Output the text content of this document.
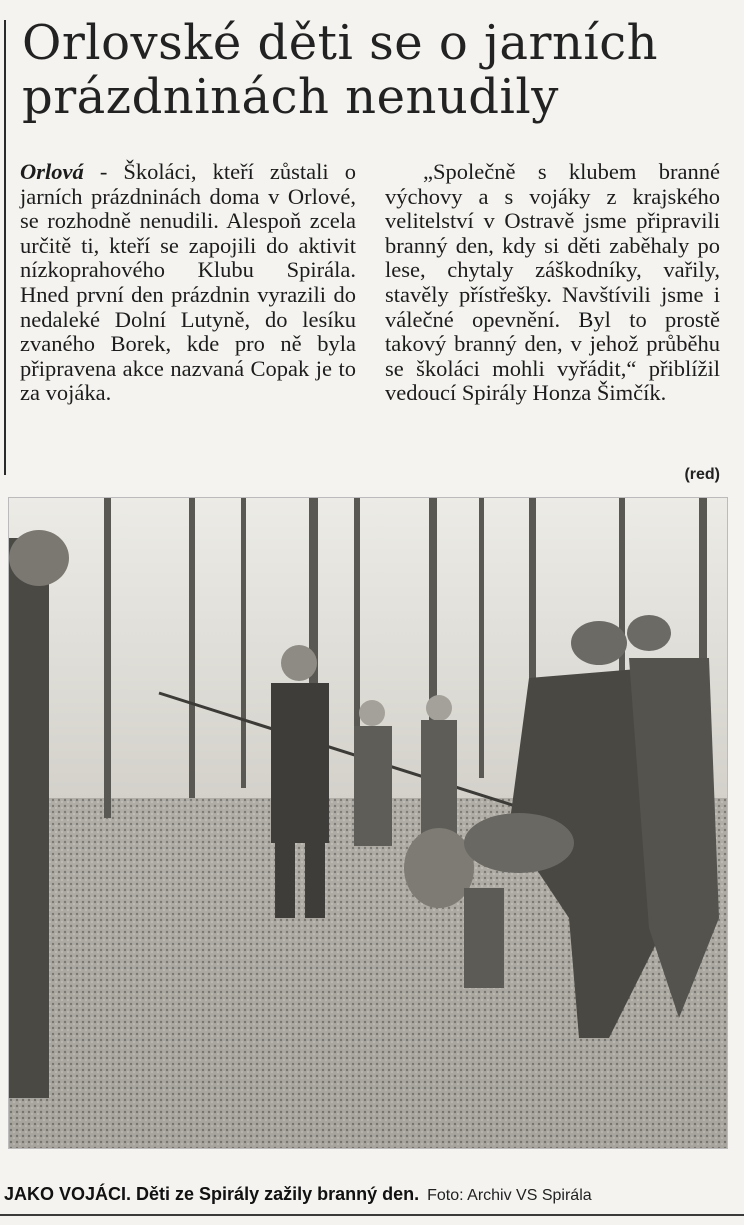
Orlovské děti se o jarních prázdninách nenudily

Orlová - Školáci, kteří zůstali o jarních prázdninách doma v Orlové, se rozhodně nenudili. Alespoň zcela určitě ti, kteří se zapojili do aktivit nízkoprahového Klubu Spirála. Hned první den prázdnin vyrazili do nedaleké Dolní Lutyně, do lesíku zvaného Borek, kde pro ně byla připravena akce nazvaná Copak je to za vojáka.

„Společně s klubem branné výchovy a s vojáky z krajského velitelství v Ostravě jsme připravili branný den, kdy si děti zaběhaly po lese, chytaly záškodníky, vařily, stavěly přístřešky. Navštívili jsme i válečné opevnění. Byl to prostě takový branný den, v jehož průběhu se školáci mohli vyřádit,“ přiblížil vedoucí Spirály Honza Šimčík.

(red)
JAKO VOJÁCI. Děti ze Spirály zažily branný den. Foto: Archiv VS Spirála
